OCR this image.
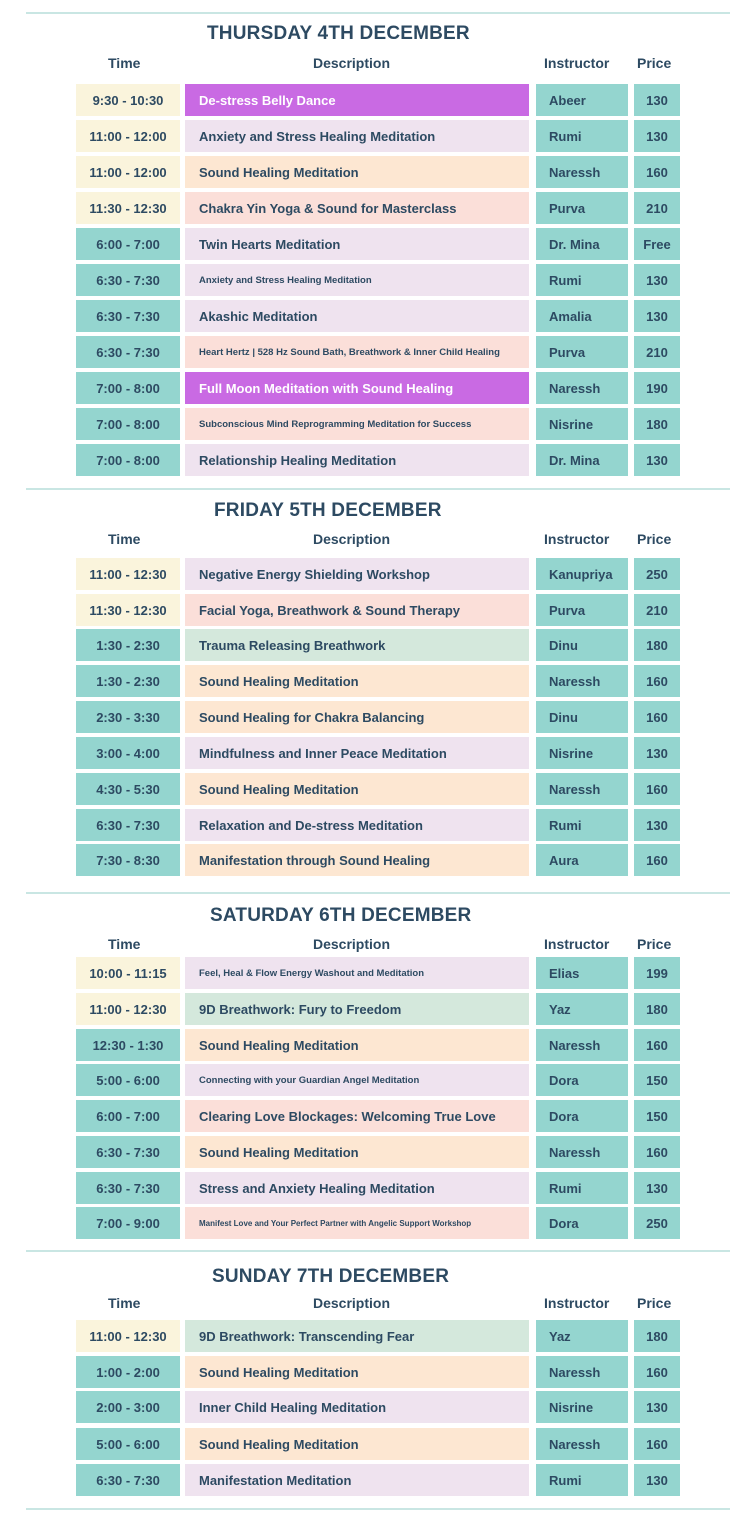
THURSDAY 4TH DECEMBER
Time	Description	Instructor Price
9:30 - 10:30	De-stress Belly Dance	Abeer	130
11:00 - 12:00	Anxiety and Stress Healing Meditation	Rumi	130
11:00 - 12:00	Sound Healing Meditation	Naressh	160
11:30 - 12:30	Chakra Yin Yoga & Sound for Masterclass	Purva	210
6:00 - 7:00	Twin Hearts Meditation	Dr. Mina	Free
6:30 - 7:30	Anxiety and Stress Healing Meditation	Rumi	130
6:30 - 7:30	Akashic Meditation	Amalia	130
6:30 - 7:30	Heart Hertz | 528 Hz Sound Bath, Breathwork & Inner Child Healing	Purva	210
7:00 - 8:00	Full Moon Meditation with Sound Healing	Naressh	190
7:00 - 8:00	Subconscious Mind Reprogramming Meditation for Success	Nisrine	180
7:00 - 8:00	Relationship Healing Meditation	Dr. Mina	130
FRIDAY 5TH DECEMBER
Time	Description	Instructor Price
11:00 - 12:30	Negative Energy Shielding Workshop	Kanupriya	250
11:30 - 12:30	Facial Yoga, Breathwork & Sound Therapy	Purva	210
1:30 - 2:30	Trauma Releasing Breathwork	Dinu	180
1:30 - 2:30	Sound Healing Meditation	Naressh	160
2:30 - 3:30	Sound Healing for Chakra Balancing	Dinu	160
3:00 - 4:00	Mindfulness and Inner Peace Meditation	Nisrine	130
4:30 - 5:30	Sound Healing Meditation	Naressh	160
6:30 - 7:30	Relaxation and De-stress Meditation	Rumi	130
7:30 - 8:30	Manifestation through Sound Healing	Aura	160
SATURDAY 6TH DECEMBER
Time	Description	Instructor Price
10:00 - 11:15	Feel, Heal & Flow Energy Washout and Meditation	Elias	199
11:00 - 12:30	9D Breathwork: Fury to Freedom	Yaz	180
12:30 - 1:30	Sound Healing Meditation	Naressh	160
5:00 - 6:00	Connecting with your Guardian Angel Meditation	Dora	150
6:00 - 7:00	Clearing Love Blockages: Welcoming True Love	Dora	150
6:30 - 7:30	Sound Healing Meditation	Naressh	160
6:30 - 7:30	Stress and Anxiety Healing Meditation	Rumi	130
7:00 - 9:00	Manifest Love and Your Perfect Partner with Angelic Support Workshop	Dora	250
SUNDAY 7TH DECEMBER
Time	Description	Instructor Price
11:00 - 12:30	9D Breathwork: Transcending Fear	Yaz	180
1:00 - 2:00	Sound Healing Meditation	Naressh	160
2:00 - 3:00	Inner Child Healing Meditation	Nisrine	130
5:00 - 6:00	Sound Healing Meditation	Naressh	160
6:30 - 7:30	Manifestation Meditation	Rumi	130
